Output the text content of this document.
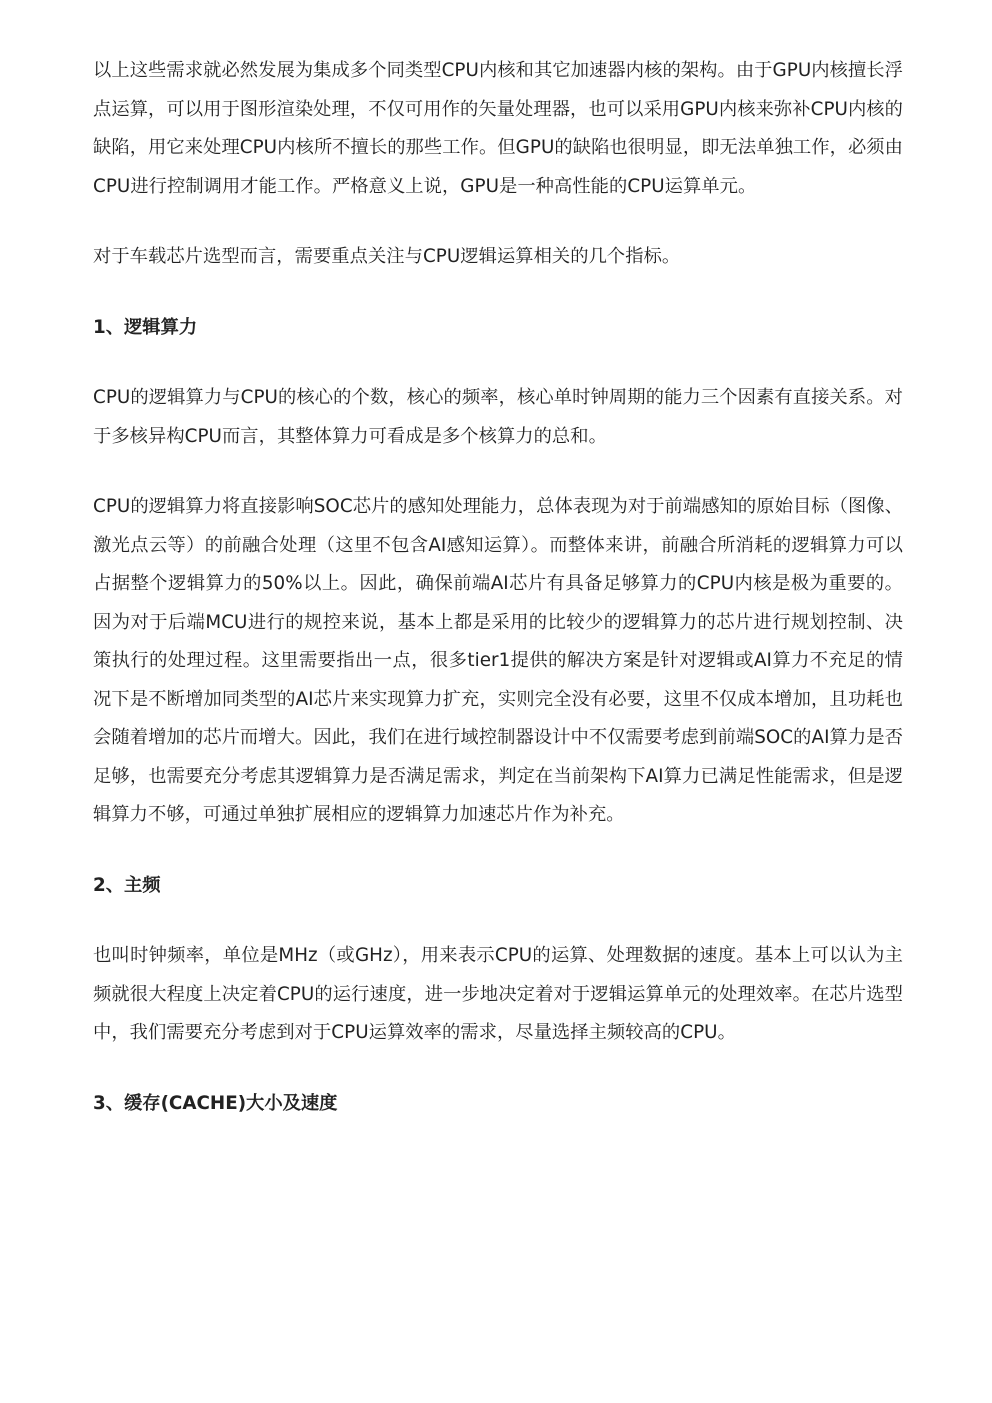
以上这些需求就必然发展为集成多个同类型CPU内核和其它加速器内核的架构。由于GPU内核擅长浮点运算，可以用于图形渲染处理，不仅可用作的矢量处理器，也可以采用GPU内核来弥补CPU内核的缺陷，用它来处理CPU内核所不擅长的那些工作。但GPU的缺陷也很明显，即无法单独工作，必须由CPU进行控制调用才能工作。严格意义上说，GPU是一种高性能的CPU运算单元。

对于车载芯片选型而言，需要重点关注与CPU逻辑运算相关的几个指标。

1、逻辑算力

CPU的逻辑算力与CPU的核心的个数，核心的频率，核心单时钟周期的能力三个因素有直接关系。对于多核异构CPU而言，其整体算力可看成是多个核算力的总和。

CPU的逻辑算力将直接影响SOC芯片的感知处理能力，总体表现为对于前端感知的原始目标（图像、激光点云等）的前融合处理（这里不包含AI感知运算）。而整体来讲，前融合所消耗的逻辑算力可以占据整个逻辑算力的50%以上。因此，确保前端AI芯片有具备足够算力的CPU内核是极为重要的。因为对于后端MCU进行的规控来说，基本上都是采用的比较少的逻辑算力的芯片进行规划控制、决策执行的处理过程。这里需要指出一点，很多tier1提供的解决方案是针对逻辑或AI算力不充足的情况下是不断增加同类型的AI芯片来实现算力扩充，实则完全没有必要，这里不仅成本增加，且功耗也会随着增加的芯片而增大。因此，我们在进行域控制器设计中不仅需要考虑到前端SOC的AI算力是否足够，也需要充分考虑其逻辑算力是否满足需求，判定在当前架构下AI算力已满足性能需求，但是逻辑算力不够，可通过单独扩展相应的逻辑算力加速芯片作为补充。

2、主频

也叫时钟频率，单位是MHz（或GHz），用来表示CPU的运算、处理数据的速度。基本上可以认为主频就很大程度上决定着CPU的运行速度，进一步地决定着对于逻辑运算单元的处理效率。在芯片选型中，我们需要充分考虑到对于CPU运算效率的需求，尽量选择主频较高的CPU。

3、缓存(CACHE)大小及速度
